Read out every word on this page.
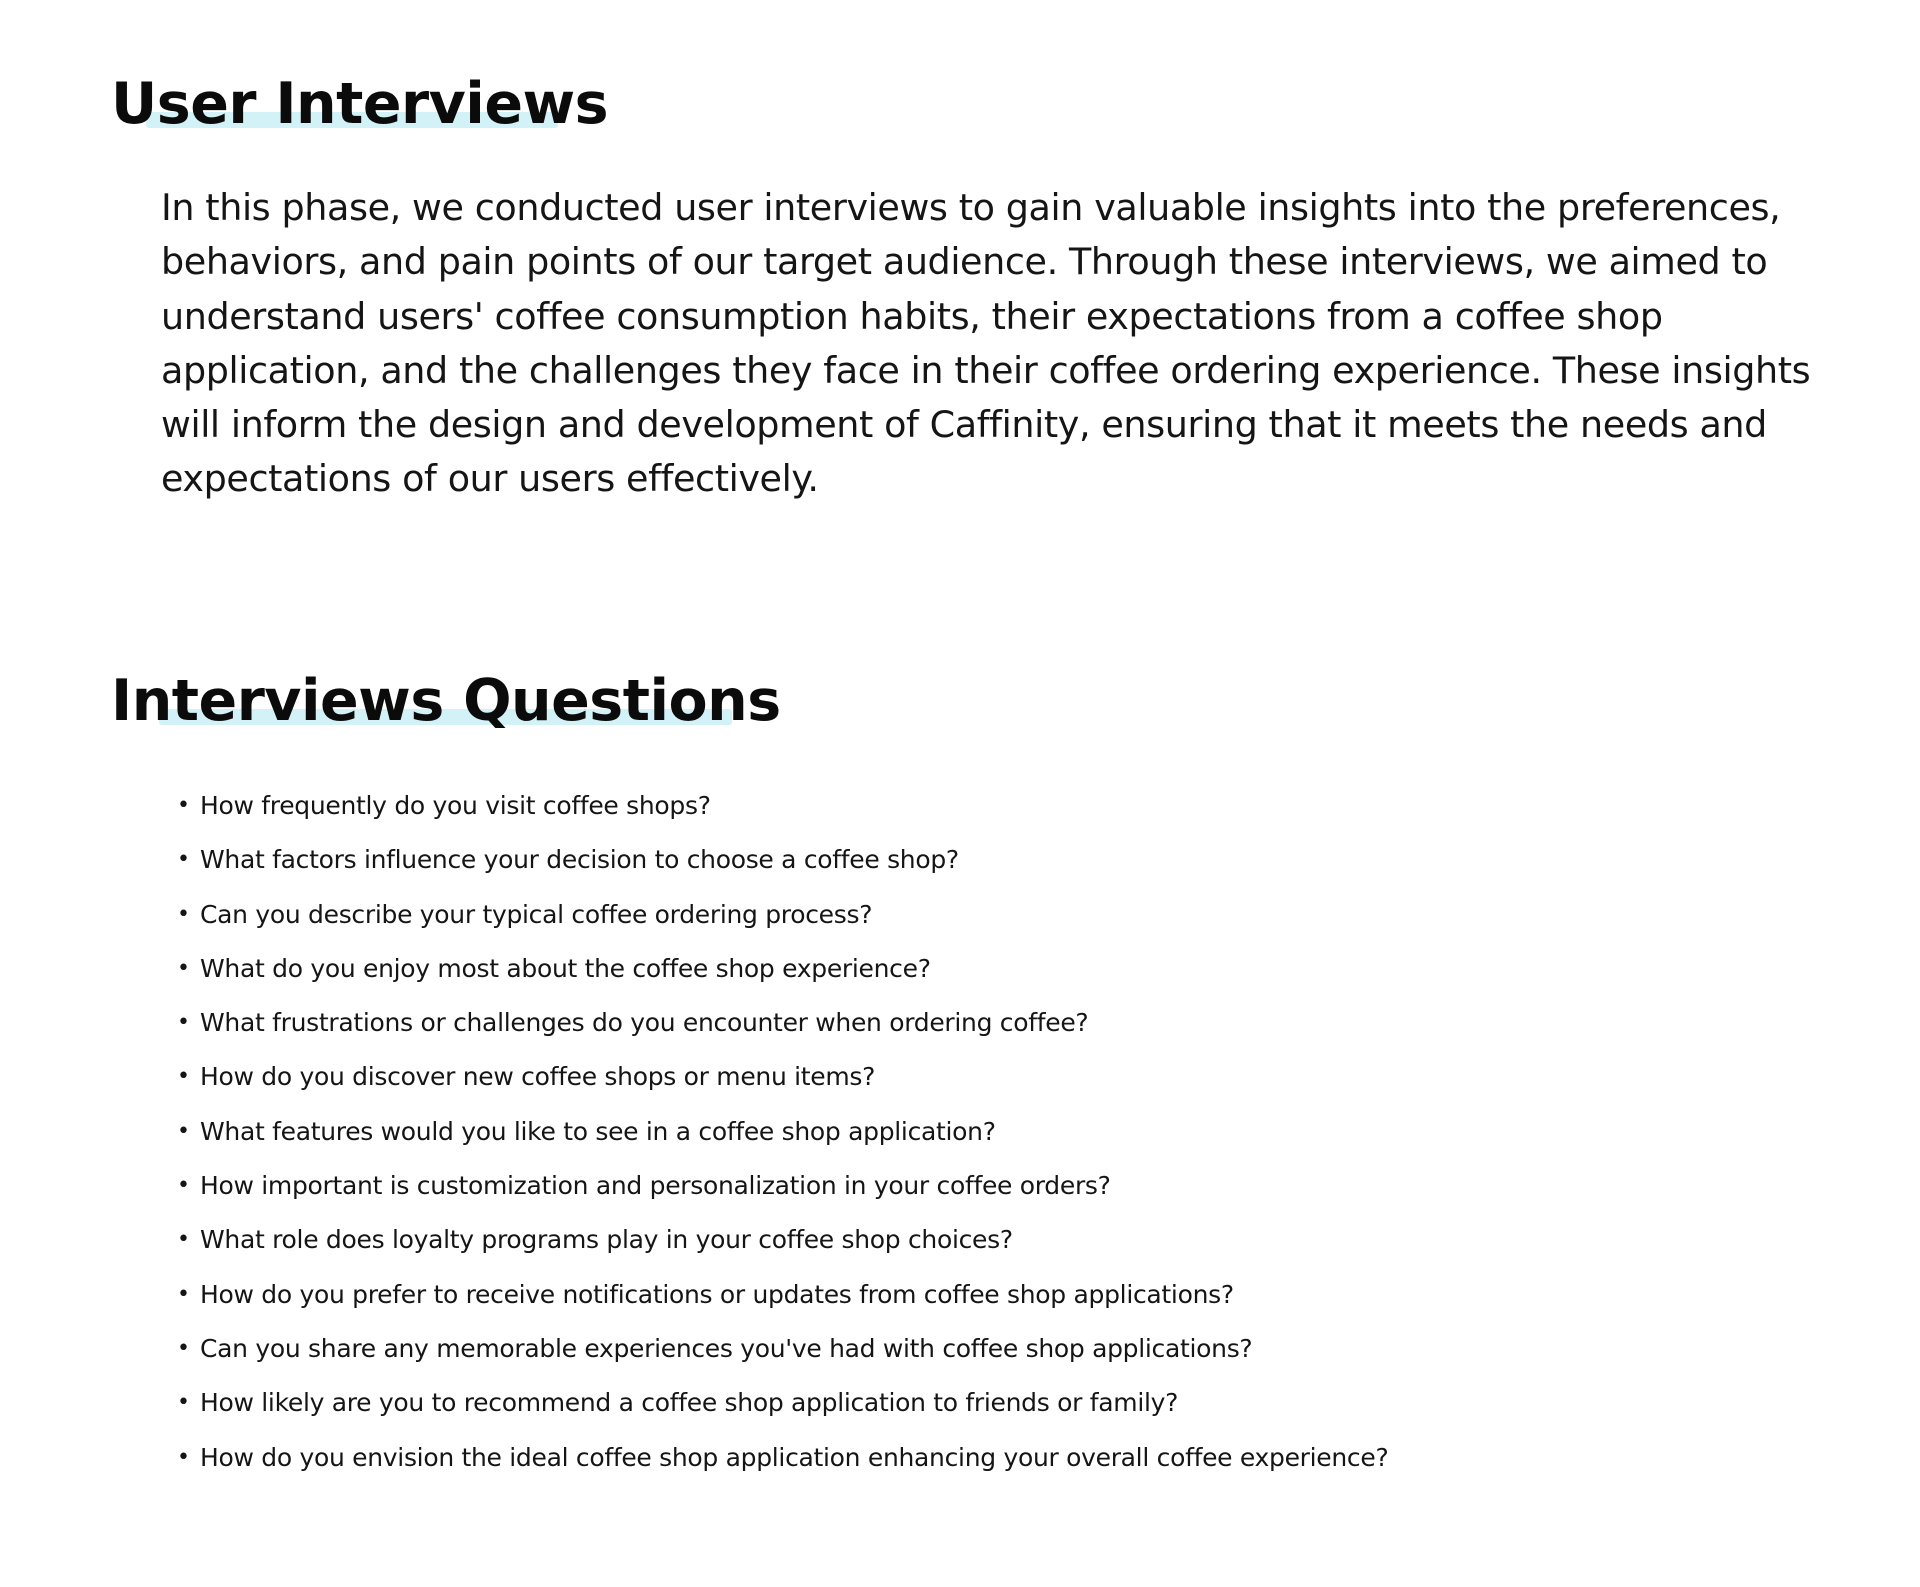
User Interviews

In this phase, we conducted user interviews to gain valuable insights into the preferences, behaviors, and pain points of our target audience. Through these interviews, we aimed to understand users' coffee consumption habits, their expectations from a coffee shop application, and the challenges they face in their coffee ordering experience. These insights will inform the design and development of Caffinity, ensuring that it meets the needs and expectations of our users effectively.

Interviews Questions
• How frequently do you visit coffee shops?
• What factors influence your decision to choose a coffee shop?
• Can you describe your typical coffee ordering process?
• What do you enjoy most about the coffee shop experience?
• What frustrations or challenges do you encounter when ordering coffee?
• How do you discover new coffee shops or menu items?
• What features would you like to see in a coffee shop application?
• How important is customization and personalization in your coffee orders?
• What role does loyalty programs play in your coffee shop choices?
• How do you prefer to receive notifications or updates from coffee shop applications?
• Can you share any memorable experiences you've had with coffee shop applications?
• How likely are you to recommend a coffee shop application to friends or family?
• How do you envision the ideal coffee shop application enhancing your overall coffee experience?
